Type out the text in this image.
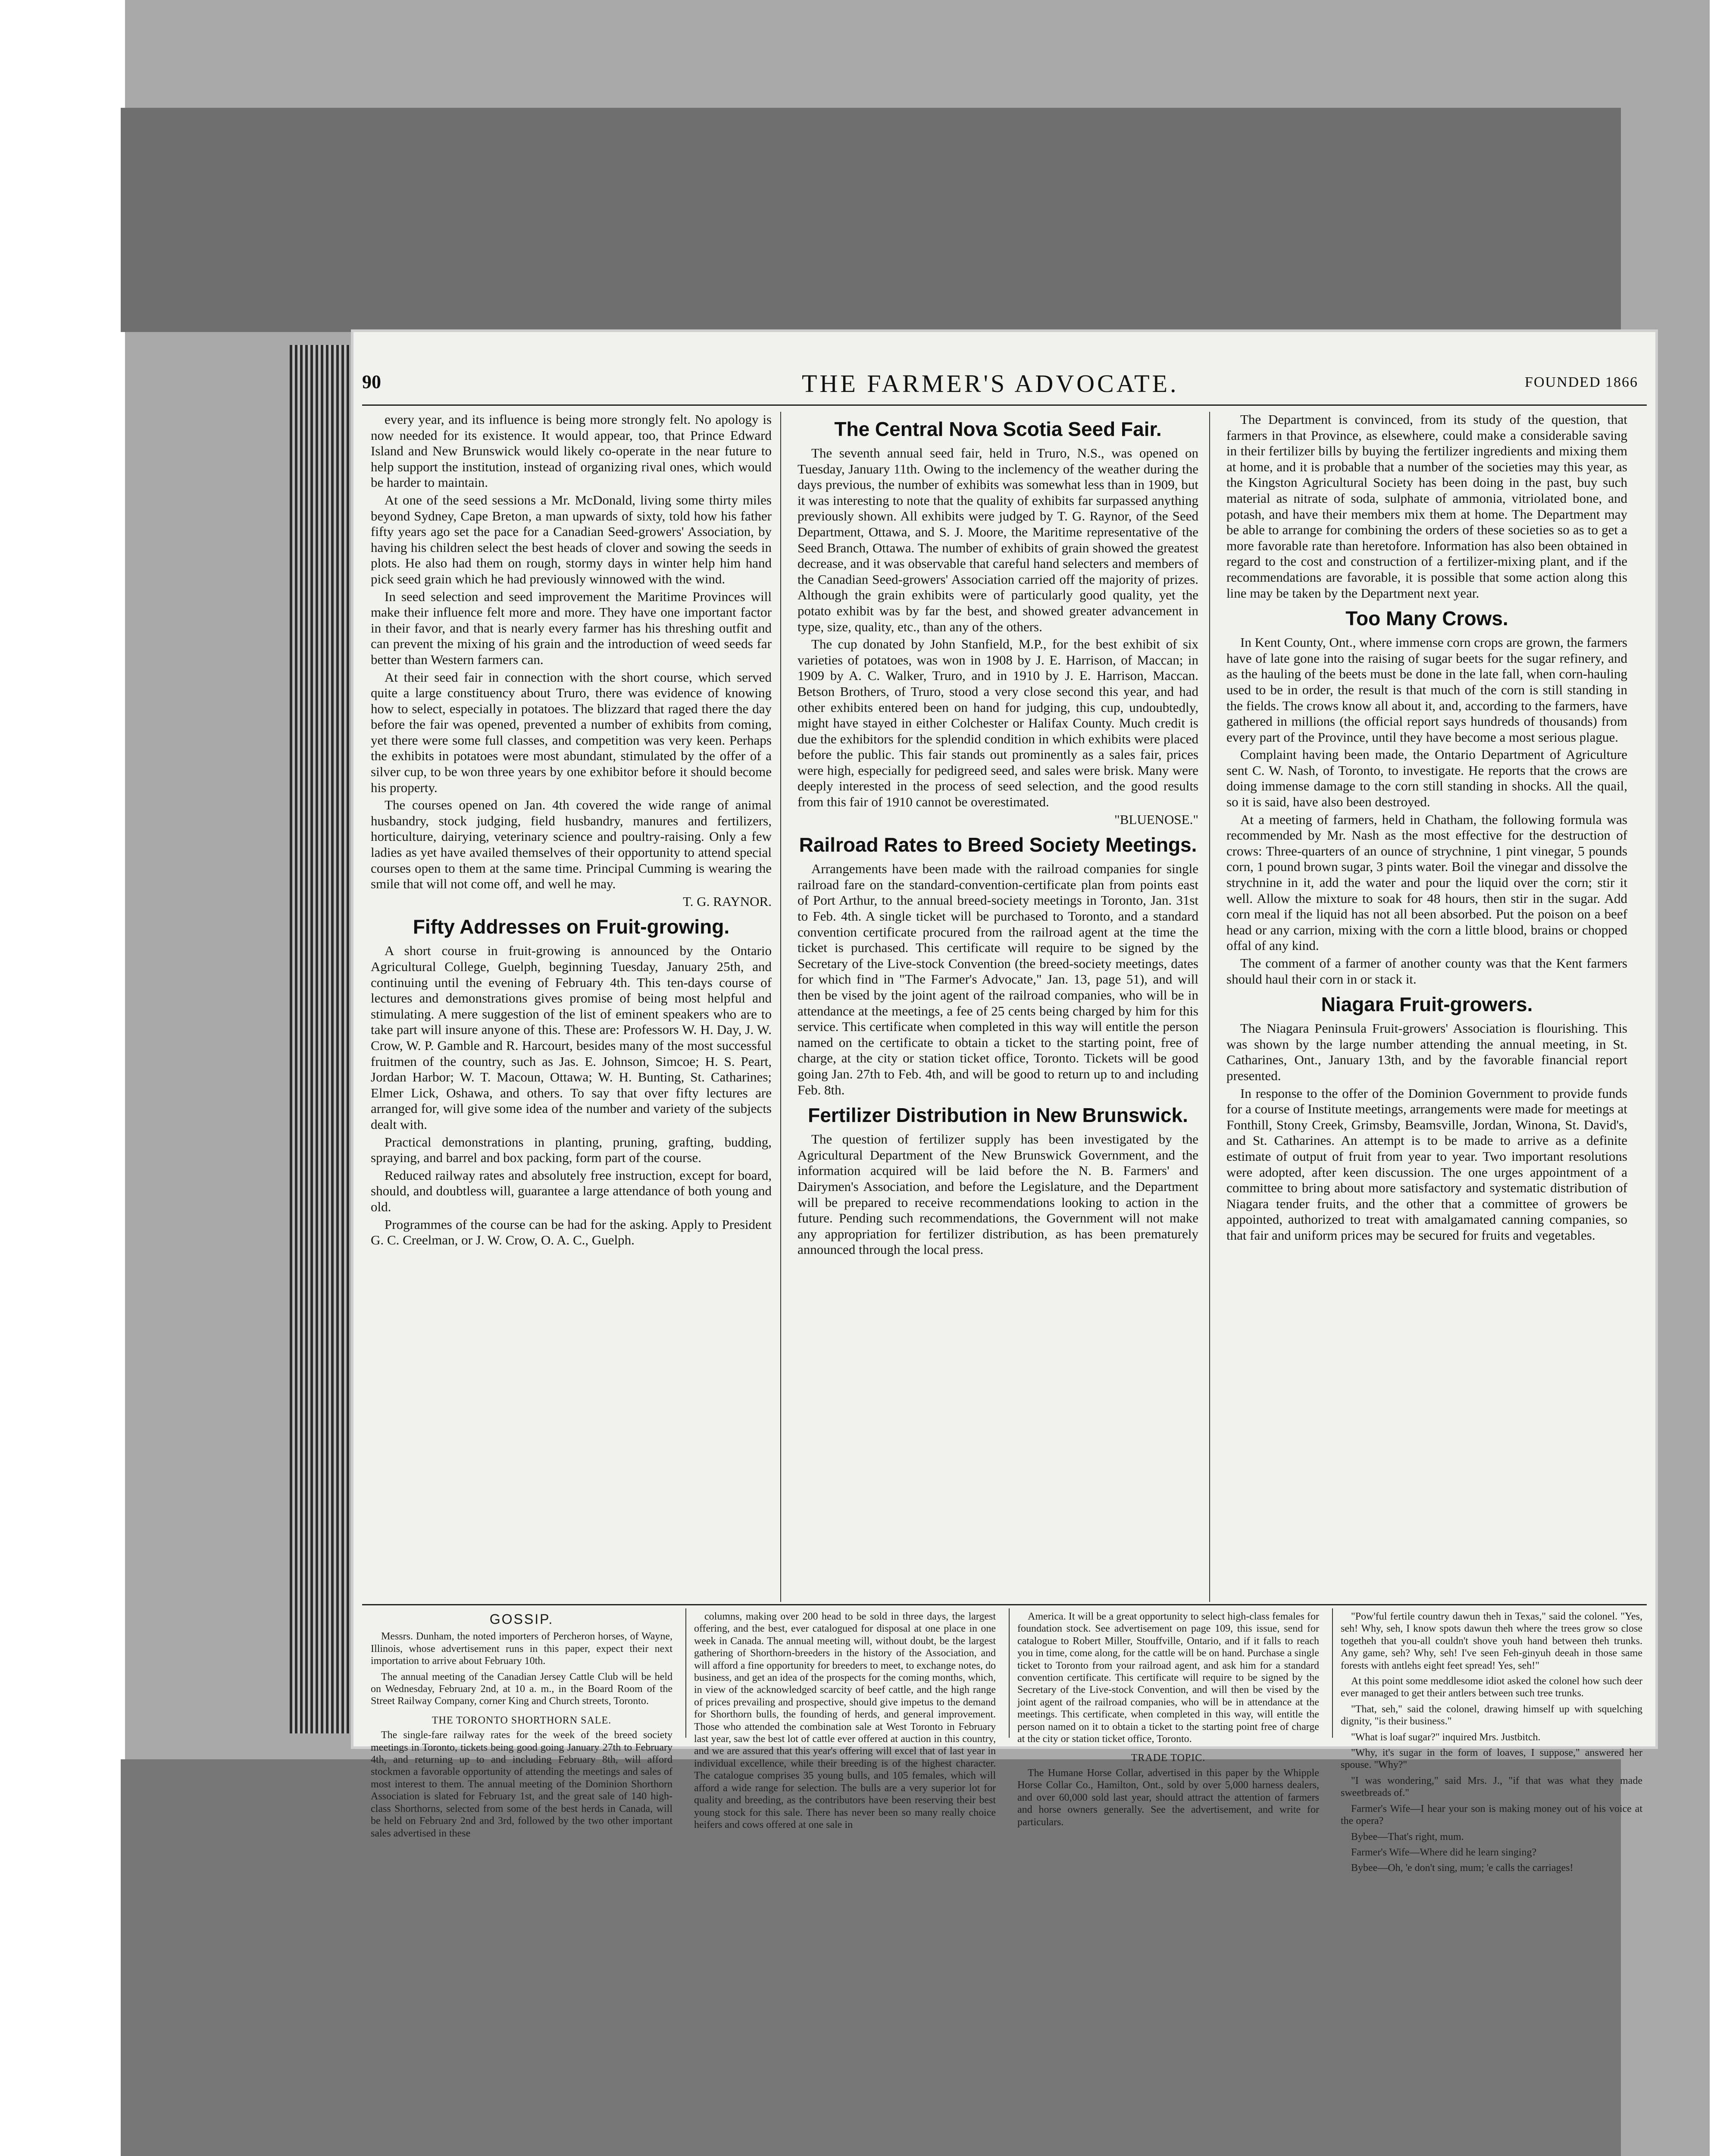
90	THE FARMER'S ADVOCATE.	FOUNDED 1866

every year, and its influence is being more strongly felt. No apology is now needed for its existence. It would appear, too, that Prince Edward Island and New Brunswick would likely co-operate in the near future to help support the institution, instead of organizing rival ones, which would be harder to maintain.

At one of the seed sessions a Mr. McDonald, living some thirty miles beyond Sydney, Cape Breton, a man upwards of sixty, told how his father fifty years ago set the pace for a Canadian Seed-growers' Association, by having his children select the best heads of clover and sowing the seeds in plots. He also had them on rough, stormy days in winter help him hand pick seed grain which he had previously winnowed with the wind.

In seed selection and seed improvement the Maritime Provinces will make their influence felt more and more. They have one important factor in their favor, and that is nearly every farmer has his threshing outfit and can prevent the mixing of his grain and the introduction of weed seeds far better than Western farmers can.

At their seed fair in connection with the short course, which served quite a large constituency about Truro, there was evidence of knowing how to select, especially in potatoes. The blizzard that raged there the day before the fair was opened, prevented a number of exhibits from coming, yet there were some full classes, and competition was very keen. Perhaps the exhibits in potatoes were most abundant, stimulated by the offer of a silver cup, to be won three years by one exhibitor before it should become his property.

The courses opened on Jan. 4th covered the wide range of animal husbandry, stock judging, field husbandry, manures and fertilizers, horticulture, dairying, veterinary science and poultry-raising. Only a few ladies as yet have availed themselves of their opportunity to attend special courses open to them at the same time. Principal Cumming is wearing the smile that will not come off, and well he may.

T. G. RAYNOR.

Fifty Addresses on Fruit-growing.

A short course in fruit-growing is announced by the Ontario Agricultural College, Guelph, beginning Tuesday, January 25th, and continuing until the evening of February 4th. This ten-days course of lectures and demonstrations gives promise of being most helpful and stimulating. A mere suggestion of the list of eminent speakers who are to take part will insure anyone of this. These are: Professors W. H. Day, J. W. Crow, W. P. Gamble and R. Harcourt, besides many of the most successful fruitmen of the country, such as Jas. E. Johnson, Simcoe; H. S. Peart, Jordan Harbor; W. T. Macoun, Ottawa; W. H. Bunting, St. Catharines; Elmer Lick, Oshawa, and others. To say that over fifty lectures are arranged for, will give some idea of the number and variety of the subjects dealt with.

Practical demonstrations in planting, pruning, grafting, budding, spraying, and barrel and box packing, form part of the course.

Reduced railway rates and absolutely free instruction, except for board, should, and doubtless will, guarantee a large attendance of both young and old.

Programmes of the course can be had for the asking. Apply to President G. C. Creelman, or J. W. Crow, O. A. C., Guelph.

The Central Nova Scotia Seed Fair.

The seventh annual seed fair, held in Truro, N.S., was opened on Tuesday, January 11th. Owing to the inclemency of the weather during the days previous, the number of exhibits was somewhat less than in 1909, but it was interesting to note that the quality of exhibits far surpassed anything previously shown. All exhibits were judged by T. G. Raynor, of the Seed Department, Ottawa, and S. J. Moore, the Maritime representative of the Seed Branch, Ottawa. The number of exhibits of grain showed the greatest decrease, and it was observable that careful hand selecters and members of the Canadian Seed-growers' Association carried off the majority of prizes. Although the grain exhibits were of particularly good quality, yet the potato exhibit was by far the best, and showed greater advancement in type, size, quality, etc., than any of the others.

The cup donated by John Stanfield, M.P., for the best exhibit of six varieties of potatoes, was won in 1908 by J. E. Harrison, of Maccan; in 1909 by A. C. Walker, Truro, and in 1910 by J. E. Harrison, Maccan. Betson Brothers, of Truro, stood a very close second this year, and had other exhibits entered been on hand for judging, this cup, undoubtedly, might have stayed in either Colchester or Halifax County. Much credit is due the exhibitors for the splendid condition in which exhibits were placed before the public. This fair stands out prominently as a sales fair, prices were high, especially for pedigreed seed, and sales were brisk. Many were deeply interested in the process of seed selection, and the good results from this fair of 1910 cannot be overestimated.

"BLUENOSE."

Railroad Rates to Breed Society Meetings.

Arrangements have been made with the railroad companies for single railroad fare on the standard-convention-certificate plan from points east of Port Arthur, to the annual breed-society meetings in Toronto, Jan. 31st to Feb. 4th. A single ticket will be purchased to Toronto, and a standard convention certificate procured from the railroad agent at the time the ticket is purchased. This certificate will require to be signed by the Secretary of the Live-stock Convention (the breed-society meetings, dates for which find in "The Farmer's Advocate," Jan. 13, page 51), and will then be vised by the joint agent of the railroad companies, who will be in attendance at the meetings, a fee of 25 cents being charged by him for this service. This certificate when completed in this way will entitle the person named on the certificate to obtain a ticket to the starting point, free of charge, at the city or station ticket office, Toronto. Tickets will be good going Jan. 27th to Feb. 4th, and will be good to return up to and including Feb. 8th.

Fertilizer Distribution in New Brunswick.

The question of fertilizer supply has been investigated by the Agricultural Department of the New Brunswick Government, and the information acquired will be laid before the N. B. Farmers' and Dairymen's Association, and before the Legislature, and the Department will be prepared to receive recommendations looking to action in the future. Pending such recommendations, the Government will not make any appropriation for fertilizer distribution, as has been prematurely announced through the local press.

The Department is convinced, from its study of the question, that farmers in that Province, as elsewhere, could make a considerable saving in their fertilizer bills by buying the fertilizer ingredients and mixing them at home, and it is probable that a number of the societies may this year, as the Kingston Agricultural Society has been doing in the past, buy such material as nitrate of soda, sulphate of ammonia, vitriolated bone, and potash, and have their members mix them at home. The Department may be able to arrange for combining the orders of these societies so as to get a more favorable rate than heretofore. Information has also been obtained in regard to the cost and construction of a fertilizer-mixing plant, and if the recommendations are favorable, it is possible that some action along this line may be taken by the Department next year.

Too Many Crows.

In Kent County, Ont., where immense corn crops are grown, the farmers have of late gone into the raising of sugar beets for the sugar refinery, and as the hauling of the beets must be done in the late fall, when corn-hauling used to be in order, the result is that much of the corn is still standing in the fields. The crows know all about it, and, according to the farmers, have gathered in millions (the official report says hundreds of thousands) from every part of the Province, until they have become a most serious plague.

Complaint having been made, the Ontario Department of Agriculture sent C. W. Nash, of Toronto, to investigate. He reports that the crows are doing immense damage to the corn still standing in shocks. All the quail, so it is said, have also been destroyed.

At a meeting of farmers, held in Chatham, the following formula was recommended by Mr. Nash as the most effective for the destruction of crows: Three-quarters of an ounce of strychnine, 1 pint vinegar, 5 pounds corn, 1 pound brown sugar, 3 pints water. Boil the vinegar and dissolve the strychnine in it, add the water and pour the liquid over the corn; stir it well. Allow the mixture to soak for 48 hours, then stir in the sugar. Add corn meal if the liquid has not all been absorbed. Put the poison on a beef head or any carrion, mixing with the corn a little blood, brains or chopped offal of any kind.

The comment of a farmer of another county was that the Kent farmers should haul their corn in or stack it.

Niagara Fruit-growers.

The Niagara Peninsula Fruit-growers' Association is flourishing. This was shown by the large number attending the annual meeting, in St. Catharines, Ont., January 13th, and by the favorable financial report presented.

In response to the offer of the Dominion Government to provide funds for a course of Institute meetings, arrangements were made for meetings at Fonthill, Stony Creek, Grimsby, Beamsville, Jordan, Winona, St. David's, and St. Catharines. An attempt is to be made to arrive as a definite estimate of output of fruit from year to year. Two important resolutions were adopted, after keen discussion. The one urges appointment of a committee to bring about more satisfactory and systematic distribution of Niagara tender fruits, and the other that a committee of growers be appointed, authorized to treat with amalgamated canning companies, so that fair and uniform prices may be secured for fruits and vegetables.

GOSSIP.

Messrs. Dunham, the noted importers of Percheron horses, of Wayne, Illinois, whose advertisement runs in this paper, expect their next importation to arrive about February 10th.

The annual meeting of the Canadian Jersey Cattle Club will be held on Wednesday, February 2nd, at 10 a. m., in the Board Room of the Street Railway Company, corner King and Church streets, Toronto.

THE TORONTO SHORTHORN SALE.

The single-fare railway rates for the week of the breed society meetings in Toronto, tickets being good going January 27th to February 4th, and returning up to and including February 8th, will afford stockmen a favorable opportunity of attending the meetings and sales of most interest to them. The annual meeting of the Dominion Shorthorn Association is slated for February 1st, and the great sale of 140 high-class Shorthorns, selected from some of the best herds in Canada, will be held on February 2nd and 3rd, followed by the two other important sales advertised in these

columns, making over 200 head to be sold in three days, the largest offering, and the best, ever catalogued for disposal at one place in one week in Canada. The annual meeting will, without doubt, be the largest gathering of Shorthorn-breeders in the history of the Association, and will afford a fine opportunity for breeders to meet, to exchange notes, do business, and get an idea of the prospects for the coming months, which, in view of the acknowledged scarcity of beef cattle, and the high range of prices prevailing and prospective, should give impetus to the demand for Shorthorn bulls, the founding of herds, and general improvement. Those who attended the combination sale at West Toronto in February last year, saw the best lot of cattle ever offered at auction in this country, and we are assured that this year's offering will excel that of last year in individual excellence, while their breeding is of the highest character. The catalogue comprises 35 young bulls, and 105 females, which will afford a wide range for selection. The bulls are a very superior lot for quality and breeding, as the contributors have been reserving their best young stock for this sale. There has never been so many really choice heifers and cows offered at one sale in

America. It will be a great opportunity to select high-class females for foundation stock. See advertisement on page 109, this issue, send for catalogue to Robert Miller, Stouffville, Ontario, and if it falls to reach you in time, come along, for the cattle will be on hand. Purchase a single ticket to Toronto from your railroad agent, and ask him for a standard convention certificate. This certificate will require to be signed by the Secretary of the Live-stock Convention, and will then be vised by the joint agent of the railroad companies, who will be in attendance at the meetings. This certificate, when completed in this way, will entitle the person named on it to obtain a ticket to the starting point free of charge at the city or station ticket office, Toronto.

TRADE TOPIC.

The Humane Horse Collar, advertised in this paper by the Whipple Horse Collar Co., Hamilton, Ont., sold by over 5,000 harness dealers, and over 60,000 sold last year, should attract the attention of farmers and horse owners generally. See the advertisement, and write for particulars.

"Pow'ful fertile country dawun theh in Texas," said the colonel. "Yes, seh! Why, seh, I know spots dawun theh where the trees grow so close togetheh that you-all couldn't shove youh hand between theh trunks. Any game, seh? Why, seh! I've seen Feh-ginyuh deeah in those same forests with antlehs eight feet spread! Yes, seh!"

At this point some meddlesome idiot asked the colonel how such deer ever managed to get their antlers between such tree trunks.

"That, seh," said the colonel, drawing himself up with squelching dignity, "is their business."

"What is loaf sugar?" inquired Mrs. Justbitch.

"Why, it's sugar in the form of loaves, I suppose," answered her spouse. "Why?"

"I was wondering," said Mrs. J., "if that was what they made sweetbreads of."

Farmer's Wife—I hear your son is making money out of his voice at the opera?

Bybee—That's right, mum.

Farmer's Wife—Where did he learn singing?

Bybee—Oh, 'e don't sing, mum; 'e calls the carriages!
